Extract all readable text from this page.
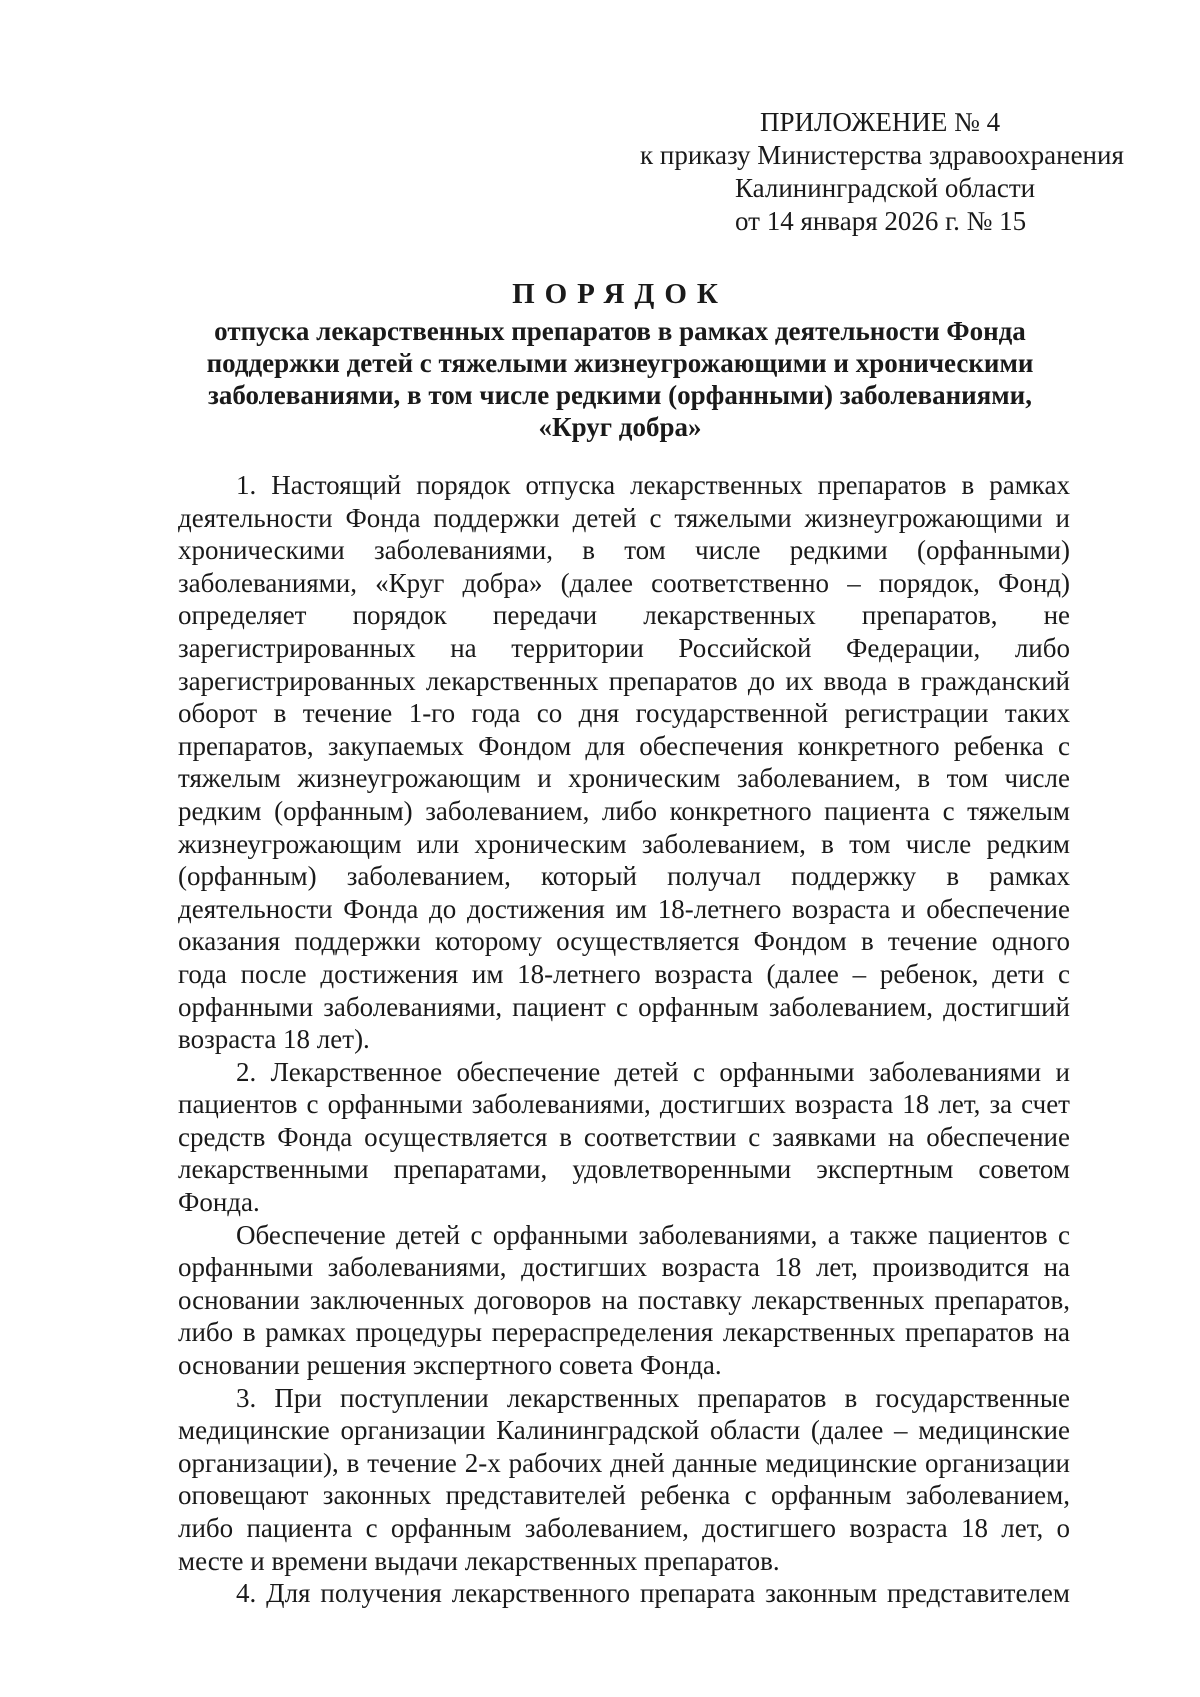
ПРИЛОЖЕНИЕ № 4
к приказу Министерства здравоохранения
Калининградской области
от 14 января 2026 г. № 15
ПОРЯДОК
отпуска лекарственных препаратов в рамках деятельности Фонда
поддержки детей с тяжелыми жизнеугрожающими и хроническими
заболеваниями, в том числе редкими (орфанными) заболеваниями,
«Круг добра»

1. Настоящий порядок отпуска лекарственных препаратов в рамках деятельности Фонда поддержки детей с тяжелыми жизнеугрожающими и хроническими заболеваниями, в том числе редкими (орфанными) заболеваниями, «Круг добра» (далее соответственно – порядок, Фонд) определяет порядок передачи лекарственных препаратов, не зарегистрированных на территории Российской Федерации, либо зарегистрированных лекарственных препаратов до их ввода в гражданский оборот в течение 1-го года со дня государственной регистрации таких препаратов, закупаемых Фондом для обеспечения конкретного ребенка с тяжелым жизнеугрожающим и хроническим заболеванием, в том числе редким (орфанным) заболеванием, либо конкретного пациента с тяжелым жизнеугрожающим или хроническим заболеванием, в том числе редким (орфанным) заболеванием, который получал поддержку в рамках деятельности Фонда до достижения им 18-летнего возраста и обеспечение оказания поддержки которому осуществляется Фондом в течение одного года после достижения им 18-летнего возраста (далее – ребенок, дети с орфанными заболеваниями, пациент с орфанным заболеванием, достигший возраста 18 лет).

2. Лекарственное обеспечение детей с орфанными заболеваниями и пациентов с орфанными заболеваниями, достигших возраста 18 лет, за счет средств Фонда осуществляется в соответствии с заявками на обеспечение лекарственными препаратами, удовлетворенными экспертным советом Фонда.

Обеспечение детей с орфанными заболеваниями, а также пациентов с орфанными заболеваниями, достигших возраста 18 лет, производится на основании заключенных договоров на поставку лекарственных препаратов, либо в рамках процедуры перераспределения лекарственных препаратов на основании решения экспертного совета Фонда.

3. При поступлении лекарственных препаратов в государственные медицинские организации Калининградской области (далее – медицинские организации), в течение 2-х рабочих дней данные медицинские организации оповещают законных представителей ребенка с орфанным заболеванием, либо пациента с орфанным заболеванием, достигшего возраста 18 лет, о месте и времени выдачи лекарственных препаратов.

4. Для получения лекарственного препарата законным представителем
